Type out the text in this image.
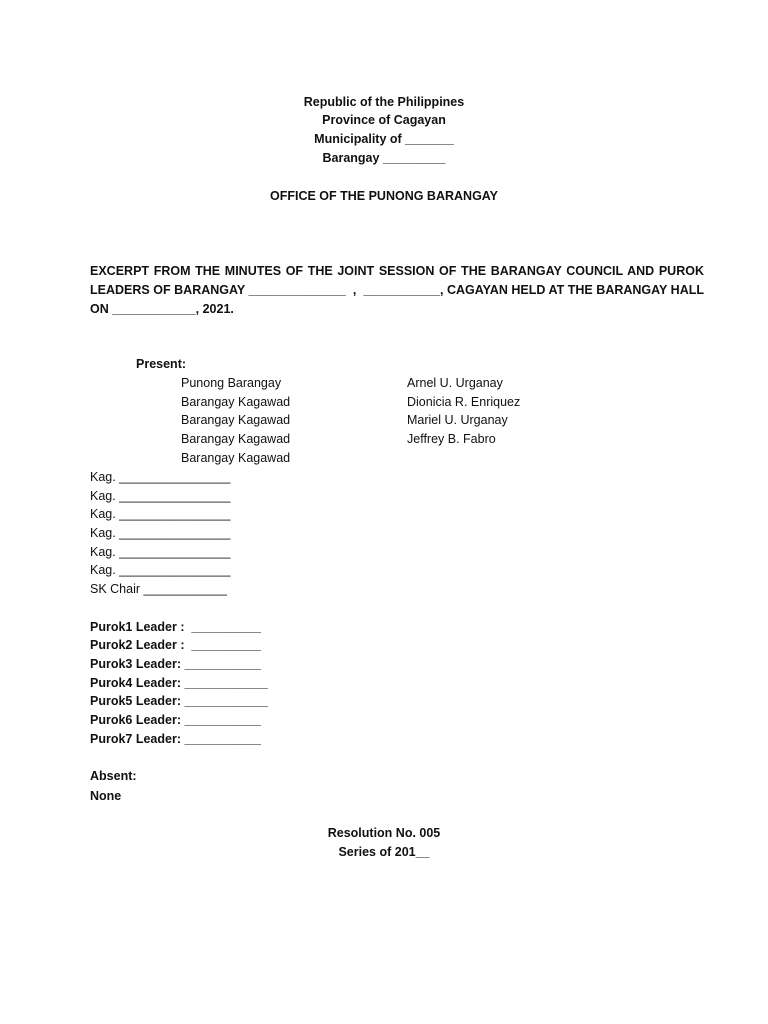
Republic of the Philippines
Province of Cagayan
Municipality of _______
Barangay _________
OFFICE OF THE PUNONG BARANGAY
EXCERPT FROM THE MINUTES OF THE JOINT SESSION OF THE BARANGAY COUNCIL AND PUROK
LEADERS OF BARANGAY ______________  ,  ___________, CAGAYAN HELD AT THE BARANGAY HALL
ON ____________, 2021.
Present:
Punong Barangay	Arnel U. Urganay
Barangay Kagawad	Dionicia R. Enriquez
Barangay Kagawad	Mariel U. Urganay
Barangay Kagawad	Jeffrey B. Fabro
Barangay Kagawad
Kag. ________________
Kag. ________________
Kag. ________________
Kag. ________________
Kag. ________________
Kag. ________________
SK Chair ____________
Purok1 Leader :  __________
Purok2 Leader :  __________
Purok3 Leader: ___________
Purok4 Leader: ____________
Purok5 Leader: ____________
Purok6 Leader: ___________
Purok7 Leader: ___________
Absent:
None
Resolution No. 005
Series of 201__
